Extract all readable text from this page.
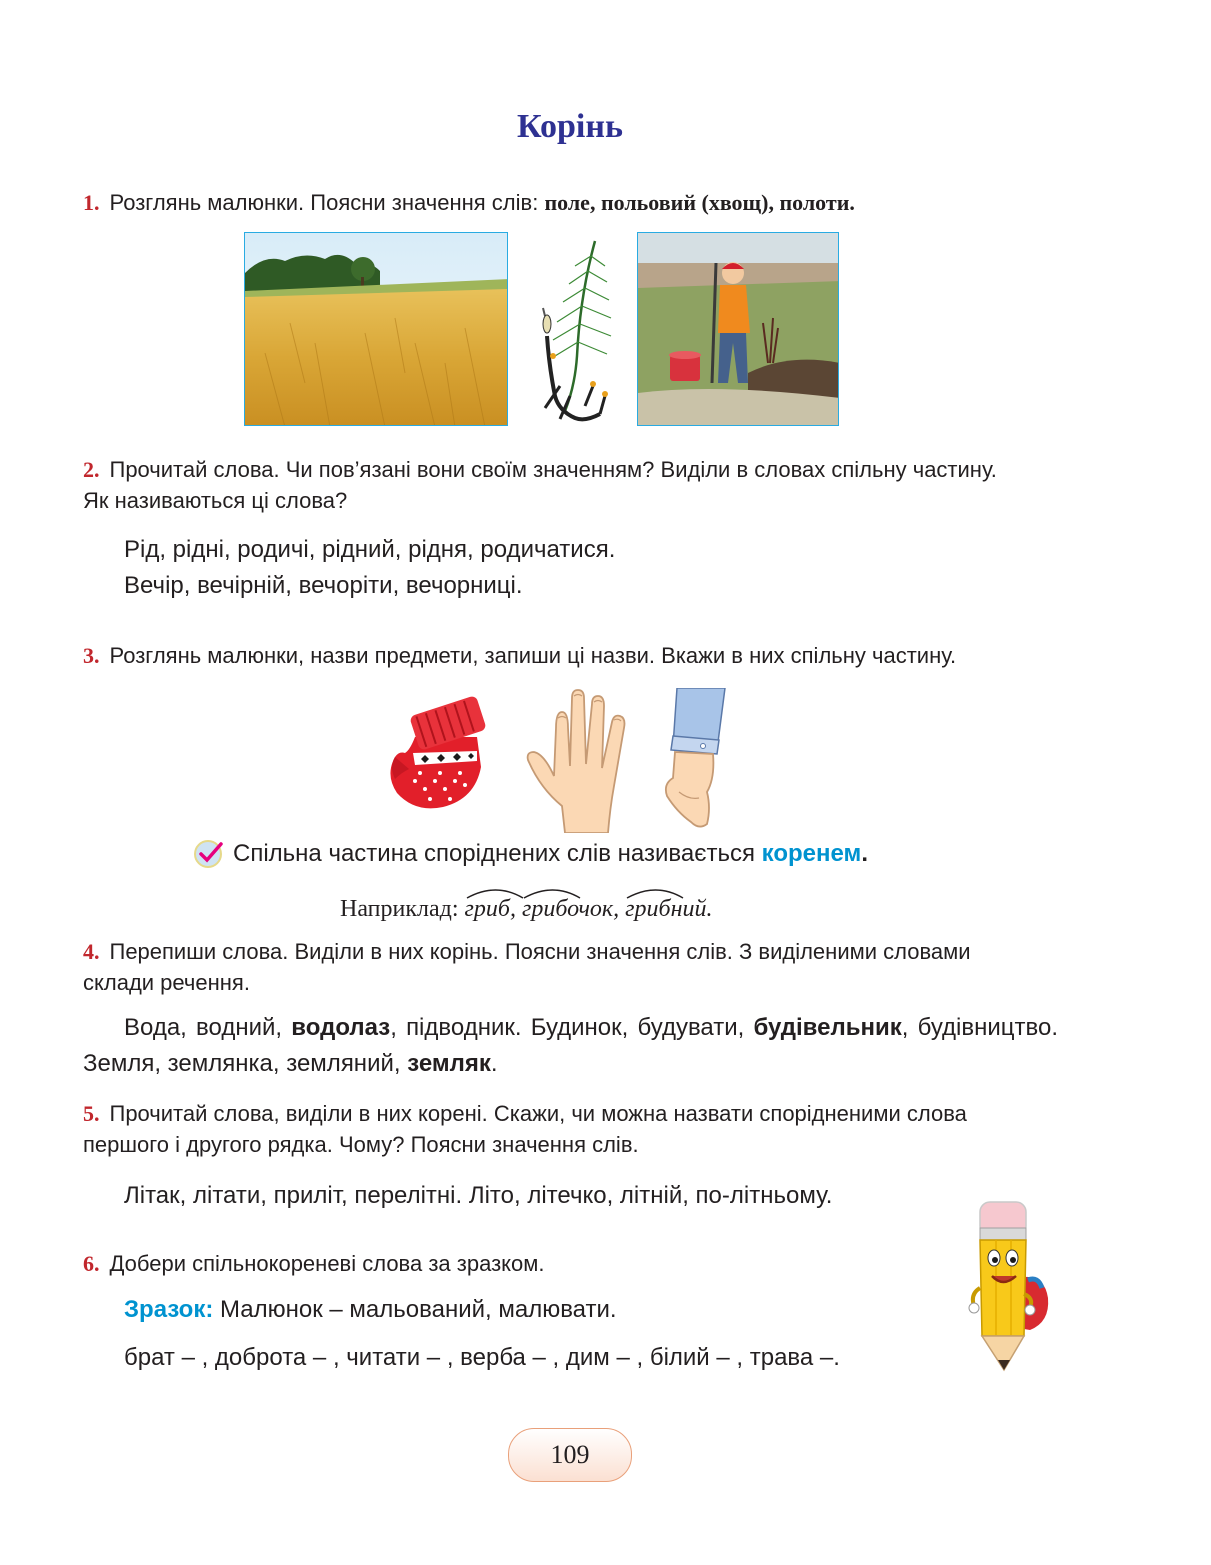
Корінь
1. Розглянь малюнки. Поясни значення слів: поле, польовий (хвощ), полоти.
2. Прочитай слова. Чи пов’язані вони своїм значенням? Виділи в словах спільну частину.
Як називаються ці слова?
Рід, рідні, родичі, рідний, рідня, родичатися.
Вечір, вечірній, вечоріти, вечорниці.
3. Розглянь малюнки, назви предмети, запиши ці назви. Вкажи в них спільну частину.
Спільна частина споріднених слів називається коренем.
Наприклад: гриб, грибочок, грибний.
4. Перепиши слова. Виділи в них корінь. Поясни значення слів. З виділеними словами
склади речення.
Вода, водний, водолаз, підводник. Будинок, будувати, будівельник, будівництво. Земля, землянка, земляний, земляк.
5. Прочитай слова, виділи в них корені. Скажи, чи можна назвати спорідненими слова
першого і другого рядка. Чому? Поясни значення слів.
Літак, літати, приліт, перелітні. Літо, літечко, літній, по-літньому.
6. Добери спільнокореневі слова за зразком.
Зразок: Малюнок – мальований, малювати.
брат – , доброта – , читати – , верба – , дим – , білий – , трава –.
109
